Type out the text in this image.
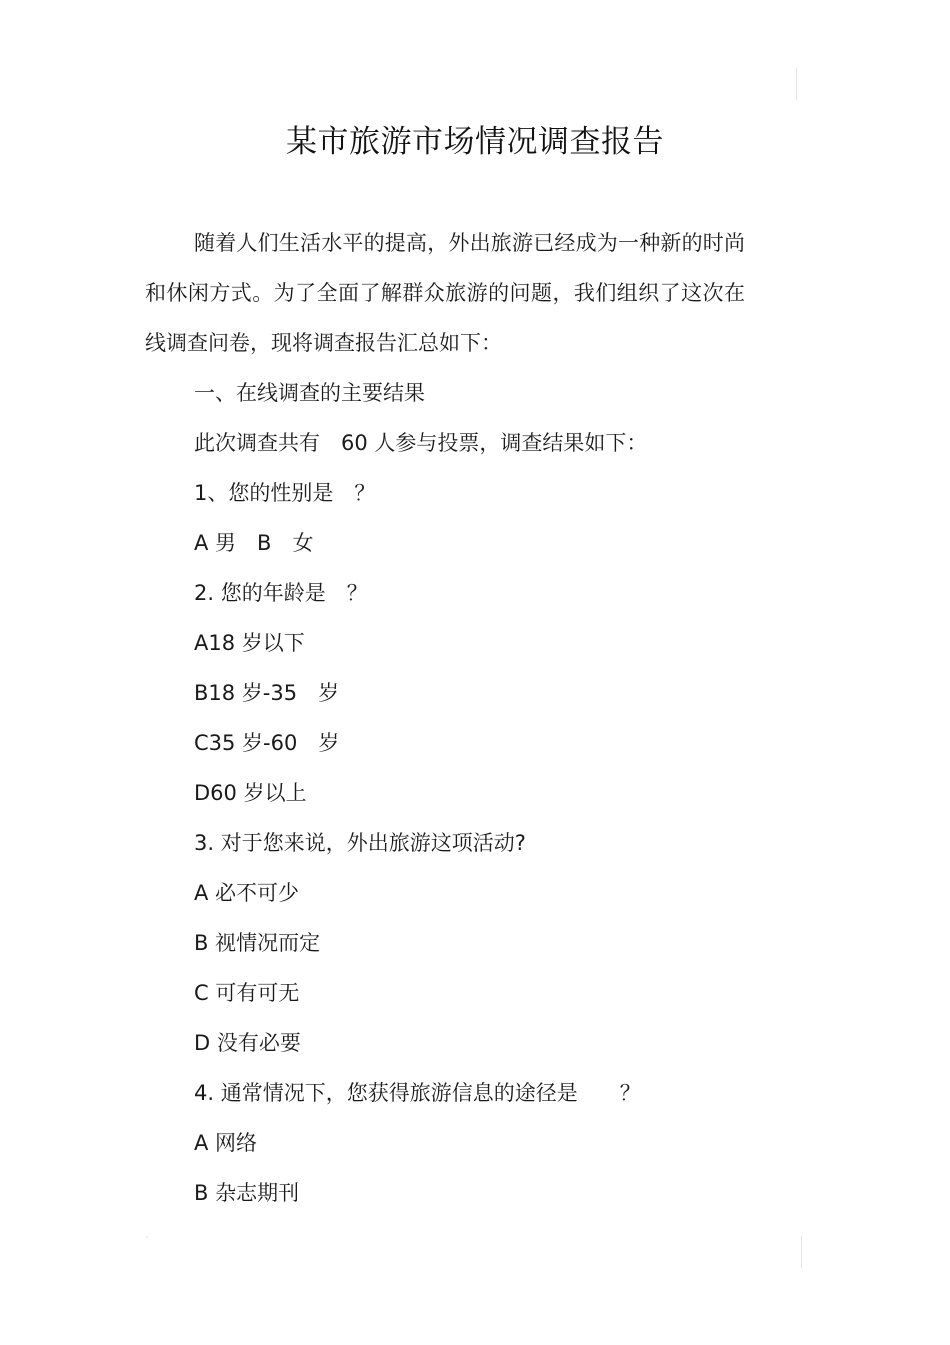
某市旅游市场情况调查报告

随着人们生活水平的提高，外出旅游已经成为一种新的时尚和休闲方式。为了全面了解群众旅游的问题，我们组织了这次在线调查问卷，现将调查报告汇总如下：

一、在线调查的主要结果

此次调查共有　60 人参与投票，调查结果如下：

1、您的性别是　？

A 男　B　女

2. 您的年龄是　？

A18 岁以下

B18 岁-35　岁

C35 岁-60　岁

D60 岁以上

3. 对于您来说，外出旅游这项活动?

A 必不可少

B 视情况而定

C 可有可无

D 没有必要

4. 通常情况下，您获得旅游信息的途径是　　？

A 网络

B 杂志期刊
